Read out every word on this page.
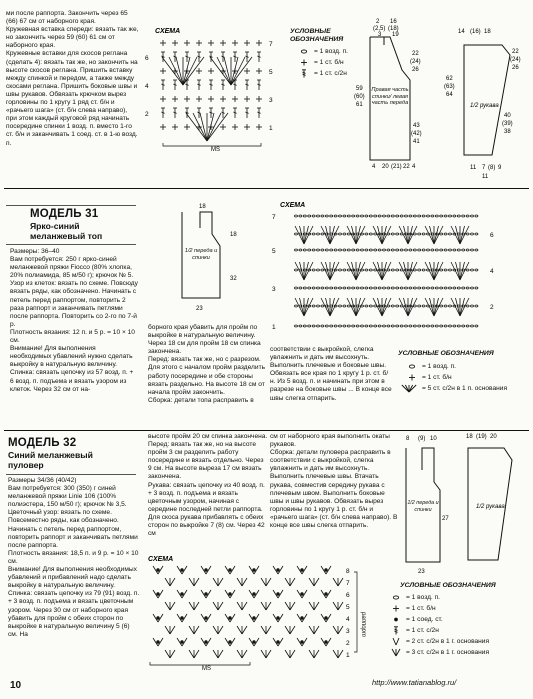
ми после раппорта. Закончить через 65 (66) 67 см от наборного края.
Кружевная вставка спереди: вязать так же, но закончить через 59 (60) 61 см от наборного края.
Кружевные вставки для скосов реглана (сделать 4): вязать так же, но закончить на высоте скосов реглана. Пришить вставку между спинкой и передом, а также между скосами реглана. Пришить боковые швы и швы рукавов. Обвязать крючком вырез горловины по 1 кругу 1 ряд ст. б/н и «рачьего шага» (ст. б/н слева направо), при этом каждый круговой ряд начинать посередине спинки 1 возд. п. вместо 1-го ст. б/н и заканчивать 1 соед. ст. в 1-ю возд. п.
СХЕМА
7
6
5
4
3
2
1
MS
УСЛОВНЫЕ ОБОЗНАЧЕНИЯ
= 1 возд. п.
= 1 ст. б/н
= 1 ст. с/2н
2
(2,5)
3
16
(18)
19
59
(60)
61
22
(24)
26
43
(42)
41
4 20 (21) 22 4
Правая часть спинки/ левая часть переда
14 (16) 18
62
(63)
64
22
(24)
26
40
(39)
38
11 7 (8) 9
11
1/2 рукава
МОДЕЛЬ 31
Ярко-синий меланжевый топ
Размеры: 36–40
Вам потребуется: 250 г ярко-синей меланжевой пряжи Fiocco (80% хлопка, 20% полиамида, 85 м/50 г); крючок № 5.
Узор из клеток: вязать по схеме. Повсюду вязать ряды, как обозначено. Начинать с петель перед раппортом, повторить 2 раза раппорт и заканчивать петлями после раппорта. Повторить со 2-го по 7-й р.
Плотность вязания: 12 п. и 5 р. = 10 × 10 см.
Внимание! Для выполнения необходимых убавлений нужно сделать выкройку в натуральную величину.
Спинка: связать цепочку из 57 возд. п. + 6 возд. п. подъема и вязать узором из клеток. Через 32 см от на-
18
23
32
18
1/2 переда и спинки
борного края убавить для пройм по выкройке в натуральную величину. Через 18 см для пройм 18 см спинка закончена.
Перед: вязать так же, но с разрезом. Для этого с началом пройм разделить работу посередине и обе стороны вязать раздельно. На высоте 18 см от начала пройм закончить.
Сборка: детали топа расправить в
СХЕМА
7
6
5
4
3
2
1
соответствии с выкройкой, слегка увлажнить и дать им высохнуть. Выполнить плечевые и боковые швы. Обвязать все края по 1 кругу 1 р. ст. б/н. Из 5 возд. п. и начинать при этом в разрезе на боковые швы ... В конце все швы слегка отпарить.
УСЛОВНЫЕ ОБОЗНАЧЕНИЯ
= 1 возд. п.
= 1 ст. б/н
= 5 ст. с/2н в 1 п. основания
МОДЕЛЬ 32
Синий меланжевый пуловер
Размеры 34/36 (40/42)
Вам потребуется: 300 (350) г синей меланжевой пряжи Linie 106 (100% полиэстера, 150 м/50 г); крючок № 3,5.
Цветочный узор: вязать по схеме. Повсеместно ряды, как обозначено. Начинать с петель перед раппортом, повторить раппорт и заканчивать петлями после раппорта.
Плотность вязания: 18,5 п. и 9 р. = 10 × 10 см.
Внимание! Для выполнения необходимых убавлений и прибавлений надо сделать выкройку в натуральную величину.
Спинка: связать цепочку из 79 (91) возд. п. + 3 возд. п. подъема и вязать цветочным узором. Через 30 см от наборного края убавить для пройм с обеих сторон по выкройке в натуральную величину 5 (6) см. На
высоте пройм 20 см спинка закончена.
Перед: вязать так же, но на высоте пройм 3 см разделить работу посередине и вязать отдельно. Через 9 см. На высоте выреза 17 см вязать закончена.
Рукава: связать цепочку из 40 возд. п. + 3 возд. п. подъема и вязать цветочным узором, начиная с середине последней петли раппорта. Для скоса рукава прибавлять с обеих сторон по выкройке 7 (8) см. Через 42 см
см от наборного края выполнить окаты рукавов.
Сборка: детали пуловера расправить в соответствии с выкройкой, слегка увлажнить и дать им высохнуть. Выполнить плечевые швы. Втачать рукава, совместив середину рукава с плечевым швом. Выполнить боковые швы и швы рукавов. Обвязать вырез горловины по 1 кругу 1 р. ст. б/н и «рачьего шага» (ст. б/н слева направо). В конце все швы слегка отпарить.
8 (9) 10
27
23
1/2 переда и спинки
18 (19) 20
1/2 рукава
СХЕМА
8
7
6
5
4
3
2
1
MS
раппорт
УСЛОВНЫЕ ОБОЗНАЧЕНИЯ
= 1 возд. п.
= 1 ст. б/н
= 1 соед. ст.
= 1 ст. с/2н
= 2 ст. с/2н в 1 г. основания
= 3 ст. с/2н в 1 г. основания
http://www.tatianablog.ru/
10
